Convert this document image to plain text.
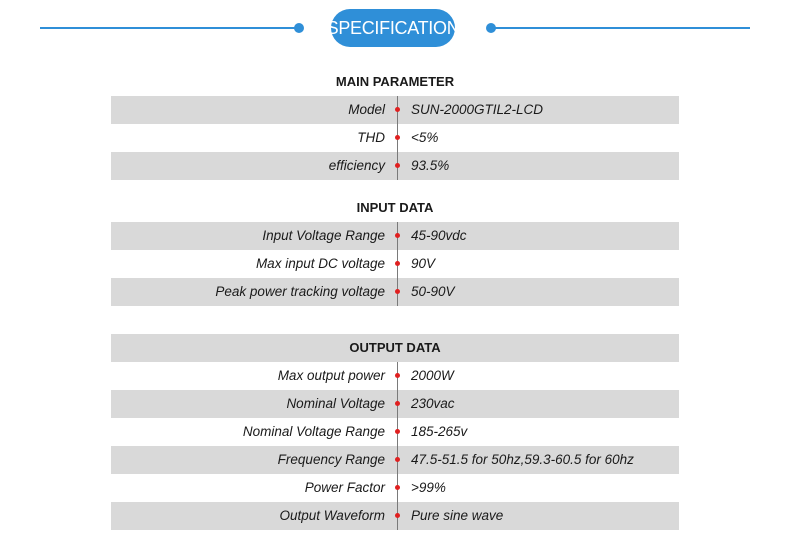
SPECIFICATION
MAIN PARAMETER
Model SUN-2000GTIL2-LCD
THD <5%
efficiency 93.5%
INPUT DATA
Input Voltage Range 45-90vdc
Max input DC voltage 90V
Peak power tracking voltage 50-90V
OUTPUT DATA
Max output power 2000W
Nominal Voltage 230vac
Nominal Voltage Range 185-265v
Frequency Range 47.5-51.5 for 50hz,59.3-60.5 for 60hz
Power Factor >99%
Output Waveform Pure sine wave
